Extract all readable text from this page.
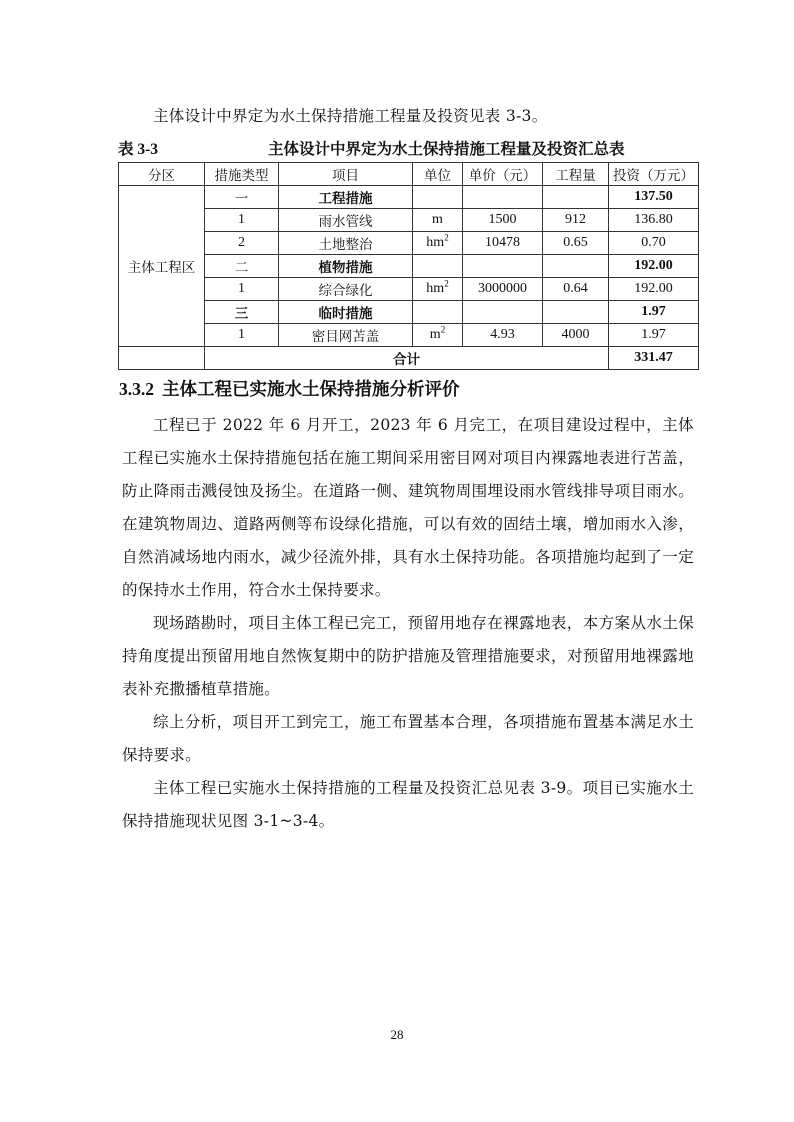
主体设计中界定为水土保持措施工程量及投资见表 3-3。

表 3-3	主体设计中界定为水土保持措施工程量及投资汇总表
分区	措施类型	项目	单位	单价（元）	工程量	投资（万元）
主体工程区	一	工程措施				137.50
	1	雨水管线	m	1500	912	136.80
	2	土地整治	$hm^2$	10478	0.65	0.70
	二	植物措施				192.00
	1	综合绿化	$hm^2$	3000000	0.64	192.00
	三	临时措施				1.97
	1	密目网苫盖	$m^2$	4.93	4000	1.97
	合计					331.47
3.3.2 主体工程已实施水土保持措施分析评价

工程已于 2022 年 6 月开工，2023 年 6 月完工，在项目建设过程中，主体工程已实施水土保持措施包括在施工期间采用密目网对项目内裸露地表进行苫盖，防止降雨击溅侵蚀及扬尘。在道路一侧、建筑物周围埋设雨水管线排导项目雨水。在建筑物周边、道路两侧等布设绿化措施，可以有效的固结土壤，增加雨水入渗，自然消减场地内雨水，减少径流外排，具有水土保持功能。各项措施均起到了一定的保持水土作用，符合水土保持要求。

现场踏勘时，项目主体工程已完工，预留用地存在裸露地表，本方案从水土保持角度提出预留用地自然恢复期中的防护措施及管理措施要求，对预留用地裸露地表补充撒播植草措施。

综上分析，项目开工到完工，施工布置基本合理，各项措施布置基本满足水土保持要求。

主体工程已实施水土保持措施的工程量及投资汇总见表 3-9。项目已实施水土保持措施现状见图 3-1~3-4。

28
